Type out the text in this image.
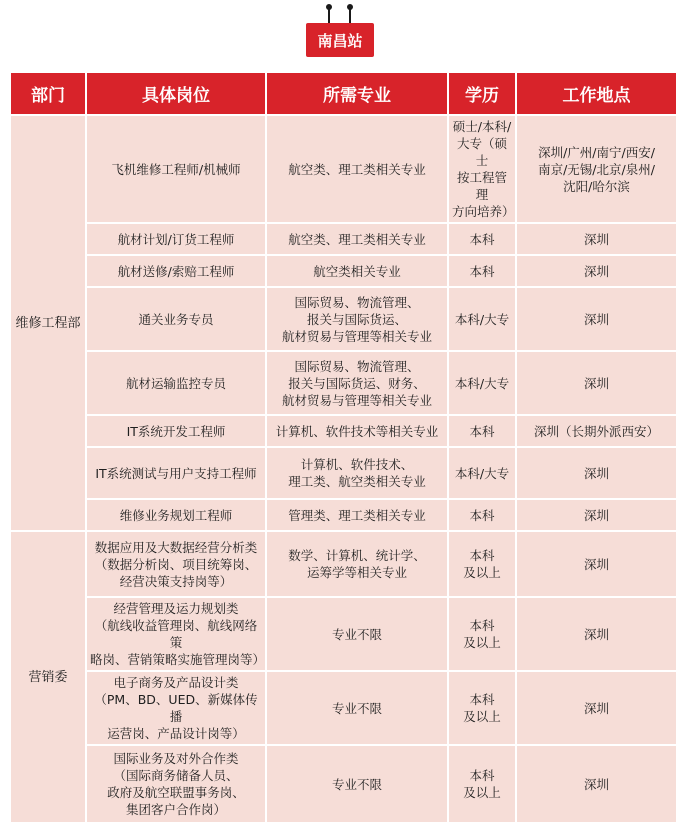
南昌站
部门	具体岗位	所需专业	学历	工作地点
维修工程部	飞机维修工程师/机械师	航空类、理工类相关专业	硕士/本科/
大专（硕士
按工程管理
方向培养）	深圳/广州/南宁/西安/
南京/无锡/北京/泉州/
沈阳/哈尔滨
	航材计划/订货工程师	航空类、理工类相关专业	本科	深圳
	航材送修/索赔工程师	航空类相关专业	本科	深圳
	通关业务专员	国际贸易、物流管理、
报关与国际货运、
航材贸易与管理等相关专业	本科/大专	深圳
	航材运输监控专员	国际贸易、物流管理、
报关与国际货运、财务、
航材贸易与管理等相关专业	本科/大专	深圳
	IT系统开发工程师	计算机、软件技术等相关专业	本科	深圳（长期外派西安）
	IT系统测试与用户支持工程师	计算机、软件技术、
理工类、航空类相关专业	本科/大专	深圳
	维修业务规划工程师	管理类、理工类相关专业	本科	深圳
营销委	数据应用及大数据经营分析类
（数据分析岗、项目统筹岗、
经营决策支持岗等）	数学、计算机、统计学、
运筹学等相关专业	本科
及以上	深圳
	经营管理及运力规划类
（航线收益管理岗、航线网络策
略岗、营销策略实施管理岗等）	专业不限	本科
及以上	深圳
	电子商务及产品设计类
（PM、BD、UED、新媒体传播
运营岗、产品设计岗等）	专业不限	本科
及以上	深圳
	国际业务及对外合作类
（国际商务储备人员、
政府及航空联盟事务岗、
集团客户合作岗）	专业不限	本科
及以上	深圳
